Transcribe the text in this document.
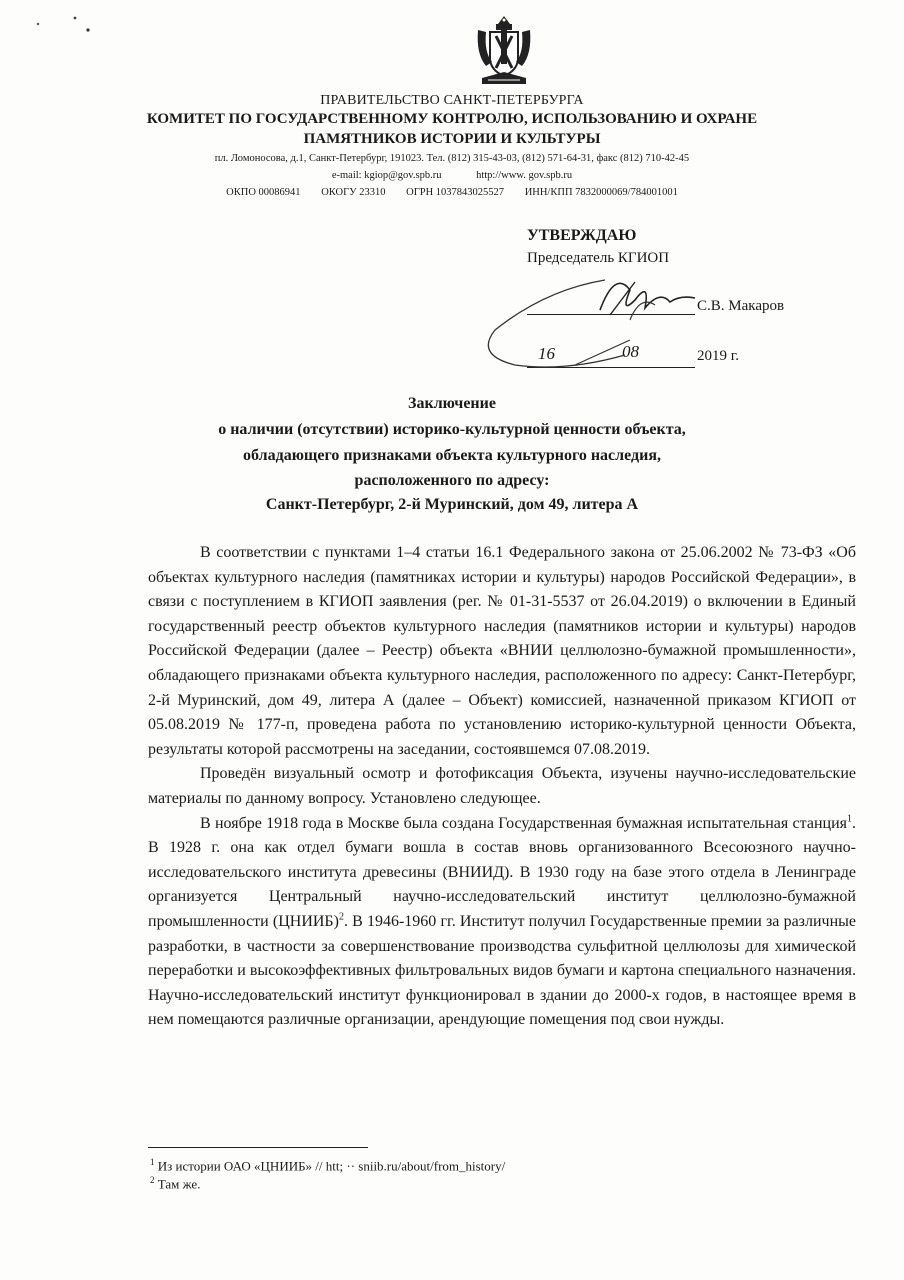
ПРАВИТЕЛЬСТВО САНКТ-ПЕТЕРБУРГА
КОМИТЕТ ПО ГОСУДАРСТВЕННОМУ КОНТРОЛЮ, ИСПОЛЬЗОВАНИЮ И ОХРАНЕ
ПАМЯТНИКОВ ИСТОРИИ И КУЛЬТУРЫ
пл. Ломоносова, д.1, Санкт-Петербург, 191023. Тел. (812) 315-43-03, (812) 571-64-31, факс (812) 710-42-45
e-mail: kgiop@gov.spb.ru	http://www. gov.spb.ru
ОКПО 00086941 ОКОГУ 23310 ОГРН 1037843025527 ИНН/КПП 7832000069/784001001
УТВЕРЖДАЮ
Председатель КГИОП
С.В. Макаров
16	08	2019 г.
Заключение
о наличии (отсутствии) историко-культурной ценности объекта,
обладающего признаками объекта культурного наследия,
расположенного по адресу:
Санкт-Петербург, 2-й Муринский, дом 49, литера А

В соответствии с пунктами 1–4 статьи 16.1 Федерального закона от 25.06.2002 № 73-ФЗ «Об объектах культурного наследия (памятниках истории и культуры) народов Российской Федерации», в связи с поступлением в КГИОП заявления (рег. № 01-31-5537 от 26.04.2019) о включении в Единый государственный реестр объектов культурного наследия (памятников истории и культуры) народов Российской Федерации (далее – Реестр) объекта «ВНИИ целлюлозно-бумажной промышленности», обладающего признаками объекта культурного наследия, расположенного по адресу: Санкт-Петербург, 2-й Муринский, дом 49, литера А (далее – Объект) комиссией, назначенной приказом КГИОП от 05.08.2019 № 177-п, проведена работа по установлению историко-культурной ценности Объекта, результаты которой рассмотрены на заседании, состоявшемся 07.08.2019.

Проведён визуальный осмотр и фотофиксация Объекта, изучены научно-исследовательские материалы по данному вопросу. Установлено следующее.

В ноябре 1918 года в Москве была создана Государственная бумажная испытательная станция$^1$. В 1928 г. она как отдел бумаги вошла в состав вновь организованного Всесоюзного научно-исследовательского института древесины (ВНИИД). В 1930 году на базе этого отдела в Ленинграде организуется Центральный научно-исследовательский институт целлюлозно-бумажной промышленности (ЦНИИБ)$^2$. В 1946-1960 гг. Институт получил Государственные премии за различные разработки, в частности за совершенствование производства сульфитной целлюлозы для химической переработки и высокоэффективных фильтровальных видов бумаги и картона специального назначения. Научно-исследовательский институт функционировал в здании до 2000-х годов, в настоящее время в нем помещаются различные организации, арендующие помещения под свои нужды.

$^1$ Из истории ОАО «ЦНИИБ» // htt; ·· sniib.ru/about/from_history/
$^2$ Там же.
